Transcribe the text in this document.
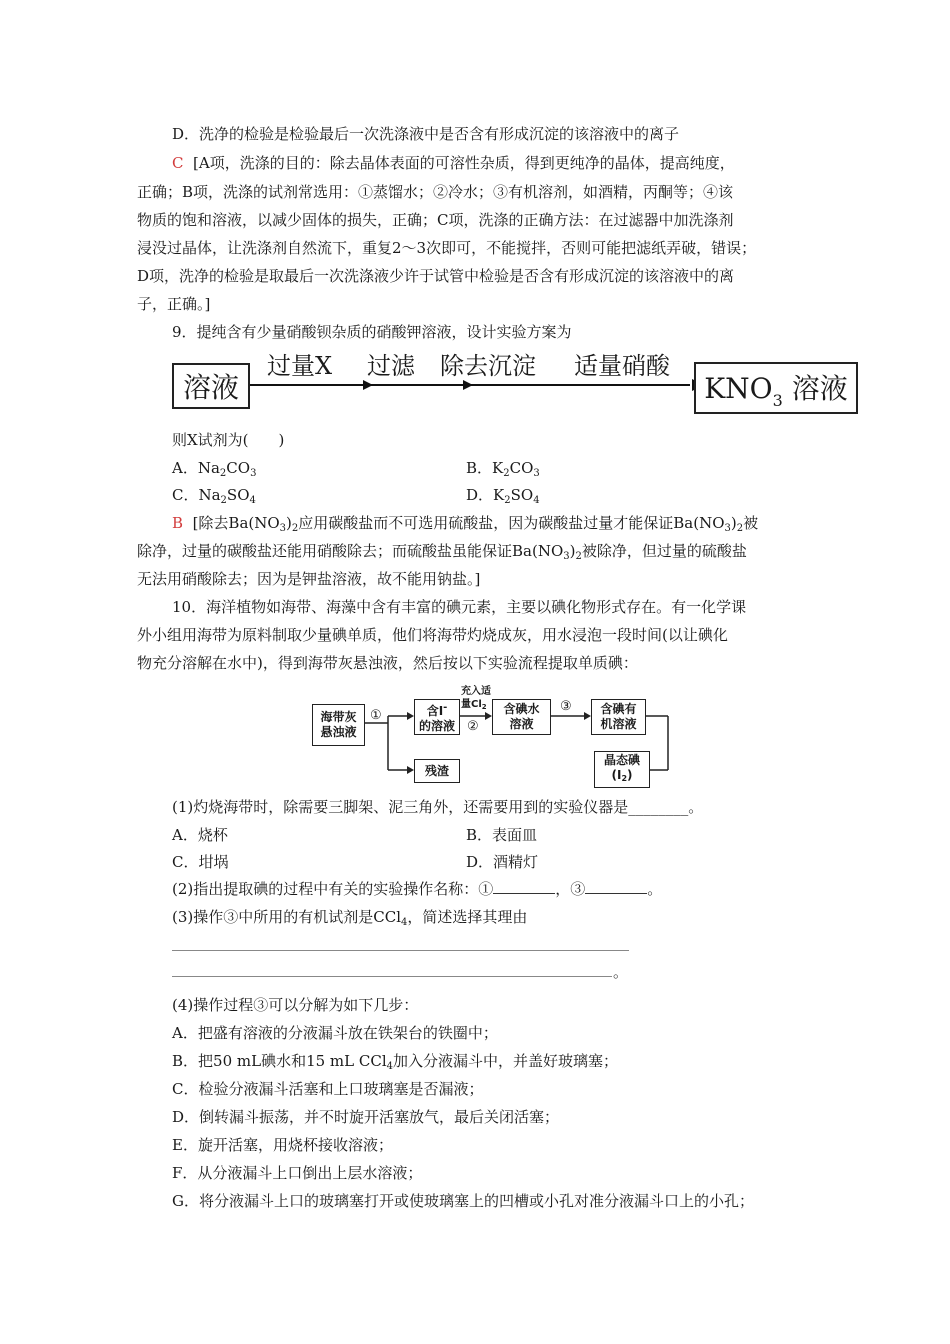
D．洗净的检验是检验最后一次洗涤液中是否含有形成沉淀的该溶液中的离子
C [A项，洗涤的目的：除去晶体表面的可溶性杂质，得到更纯净的晶体，提高纯度，
正确；B项，洗涤的试剂常选用：①蒸馏水；②冷水；③有机溶剂，如酒精，丙酮等；④该
物质的饱和溶液，以减少固体的损失，正确；C项，洗涤的正确方法：在过滤器中加洗涤剂
浸没过晶体，让洗涤剂自然流下，重复2～3次即可，不能搅拌，否则可能把滤纸弄破，错误；
D项，洗净的检验是取最后一次洗涤液少许于试管中检验是否含有形成沉淀的该溶液中的离
子，正确。]
9．提纯含有少量硝酸钡杂质的硝酸钾溶液，设计实验方案为
溶液
过量X 过滤 除去沉淀 适量硝酸
$KNO_3$ 溶液
则X试剂为(　　)
A．$Na_2CO_3$	B．$K_2CO_3$
C．$Na_2SO_4$	D．$K_2SO_4$
B [除去$Ba(NO_3)_2$应用碳酸盐而不可选用硫酸盐，因为碳酸盐过量才能保证$Ba(NO_3)_2$被
除净，过量的碳酸盐还能用硝酸除去；而硫酸盐虽能保证$Ba(NO_3)_2$被除净，但过量的硫酸盐
无法用硝酸除去；因为是钾盐溶液，故不能用钠盐。]
10．海洋植物如海带、海藻中含有丰富的碘元素，主要以碘化物形式存在。有一化学课
外小组用海带为原料制取少量碘单质，他们将海带灼烧成灰，用水浸泡一段时间(以让碘化
物充分溶解在水中)，得到海带灰悬浊液，然后按以下实验流程提取单质碘：
海带灰
悬浊液
①	含I-
的溶液
充入适
量$Cl_2$
②
含碘水
溶液
③ 含碘有
机溶液
残渣
晶态碘
(I2)
(1)灼烧海带时，除需要三脚架、泥三角外，还需要用到的实验仪器是________。
A．烧杯	B．表面皿
C．坩埚	D．酒精灯
(2)指出提取碘的过程中有关的实验操作名称：①	，③	。
(3)操作③中所用的有机试剂是CCl$_4$，简述选择其理由
。
(4)操作过程③可以分解为如下几步：
A．把盛有溶液的分液漏斗放在铁架台的铁圈中；
B．把50 mL碘水和15 mL CCl$_4$加入分液漏斗中，并盖好玻璃塞；
C．检验分液漏斗活塞和上口玻璃塞是否漏液；
D．倒转漏斗振荡，并不时旋开活塞放气，最后关闭活塞；
E．旋开活塞，用烧杯接收溶液；
F．从分液漏斗上口倒出上层水溶液；
G．将分液漏斗上口的玻璃塞打开或使玻璃塞上的凹槽或小孔对准分液漏斗口上的小孔；
